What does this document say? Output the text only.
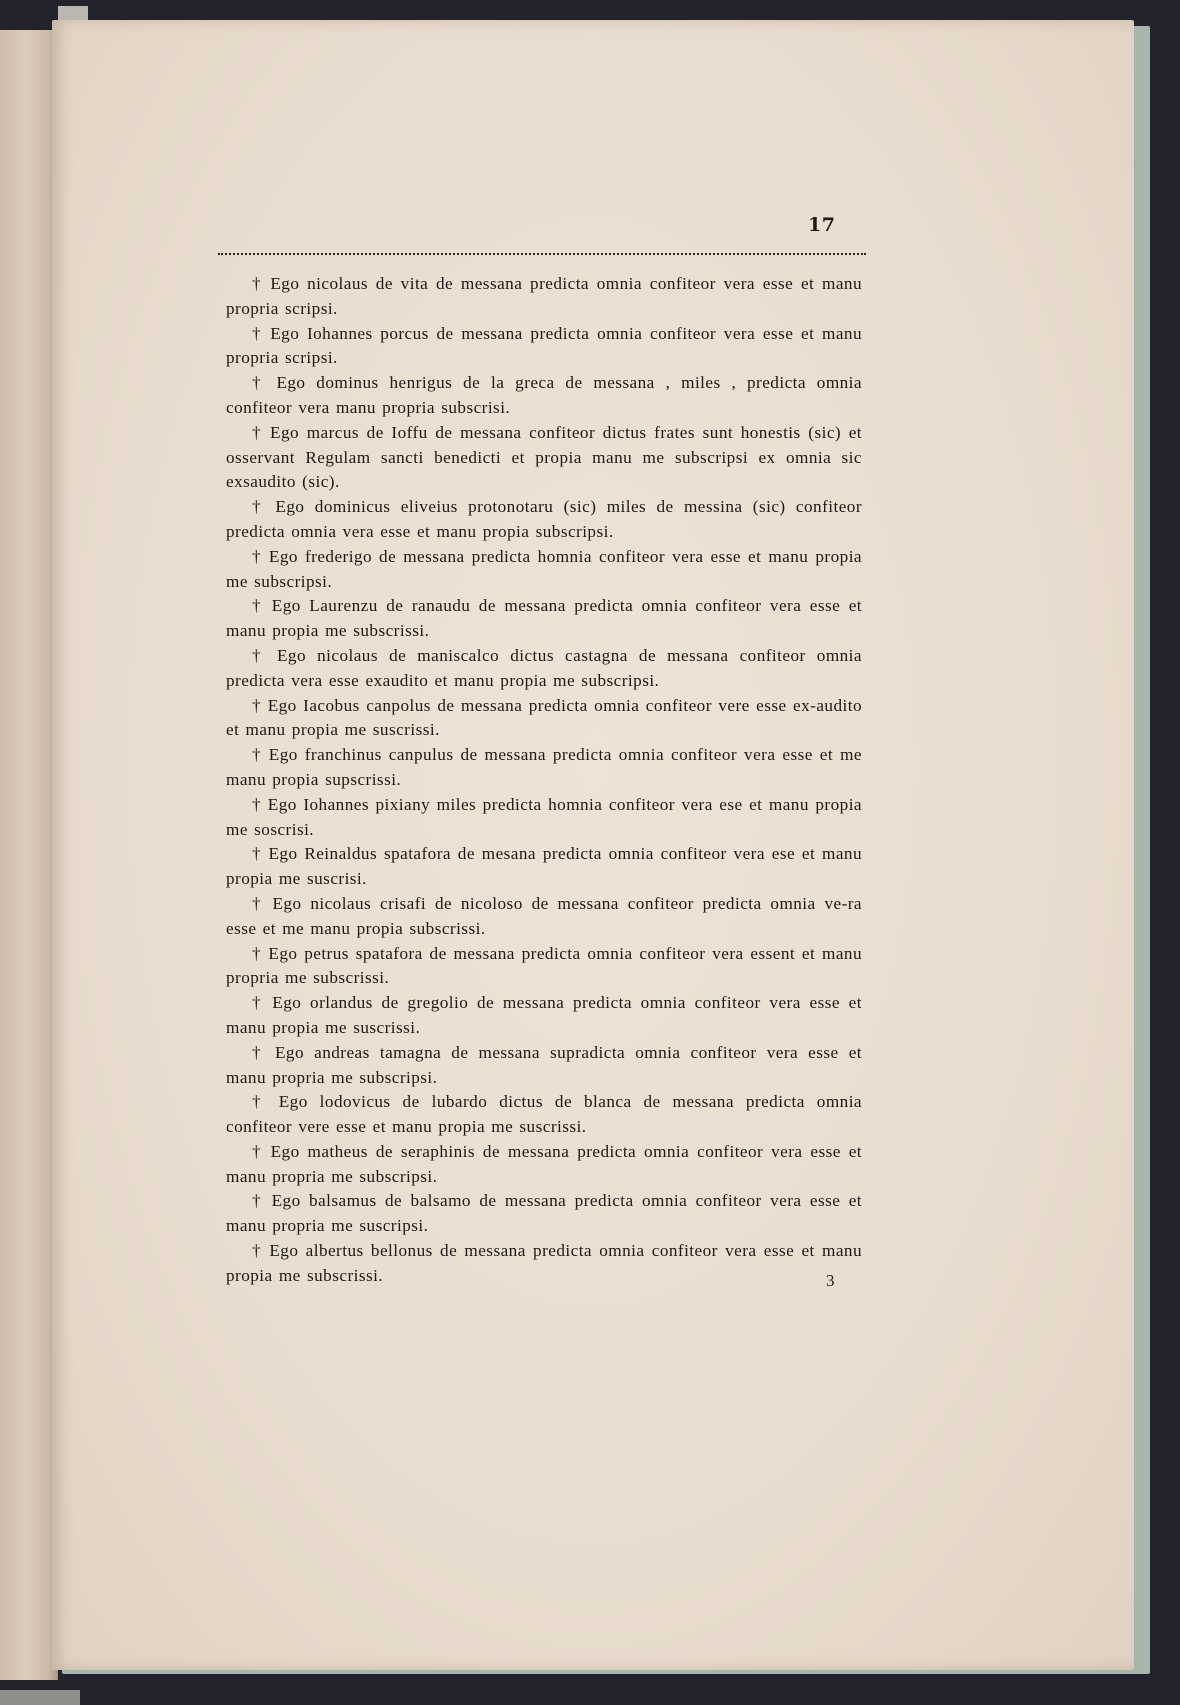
17

† Ego nicolaus de vita de messana predicta omnia confiteor vera esse et manu propria scripsi.

† Ego Iohannes porcus de messana predicta omnia confiteor vera esse et manu propria scripsi.

† Ego dominus henrigus de la greca de messana , miles , predicta omnia confiteor vera manu propria subscrisi.

† Ego marcus de Ioffu de messana confiteor dictus frates sunt honestis (sic) et osservant Regulam sancti benedicti et propia manu me subscripsi ex omnia sic exsaudito (sic).

† Ego dominicus eliveius protonotaru (sic) miles de messina (sic) confiteor predicta omnia vera esse et manu propia subscripsi.

† Ego frederigo de messana predicta homnia confiteor vera esse et manu propia me subscripsi.

† Ego Laurenzu de ranaudu de messana predicta omnia confiteor vera esse et manu propia me subscrissi.

† Ego nicolaus de maniscalco dictus castagna de messana confiteor omnia predicta vera esse exaudito et manu propia me subscripsi.

† Ego Iacobus canpolus de messana predicta omnia confiteor vere esse ex-audito et manu propia me suscrissi.

† Ego franchinus canpulus de messana predicta omnia confiteor vera esse et me manu propia supscrissi.

† Ego Iohannes pixiany miles predicta homnia confiteor vera ese et manu propia me soscrisi.

† Ego Reinaldus spatafora de mesana predicta omnia confiteor vera ese et manu propia me suscrisi.

† Ego nicolaus crisafi de nicoloso de messana confiteor predicta omnia ve-ra esse et me manu propia subscrissi.

† Ego petrus spatafora de messana predicta omnia confiteor vera essent et manu propria me subscrissi.

† Ego orlandus de gregolio de messana predicta omnia confiteor vera esse et manu propia me suscrissi.

† Ego andreas tamagna de messana supradicta omnia confiteor vera esse et manu propria me subscripsi.

† Ego lodovicus de lubardo dictus de blanca de messana predicta omnia confiteor vere esse et manu propia me suscrissi.

† Ego matheus de seraphinis de messana predicta omnia confiteor vera esse et manu propria me subscripsi.

† Ego balsamus de balsamo de messana predicta omnia confiteor vera esse et manu propria me suscripsi.

† Ego albertus bellonus de messana predicta omnia confiteor vera esse et manu propia me subscrissi.	3
